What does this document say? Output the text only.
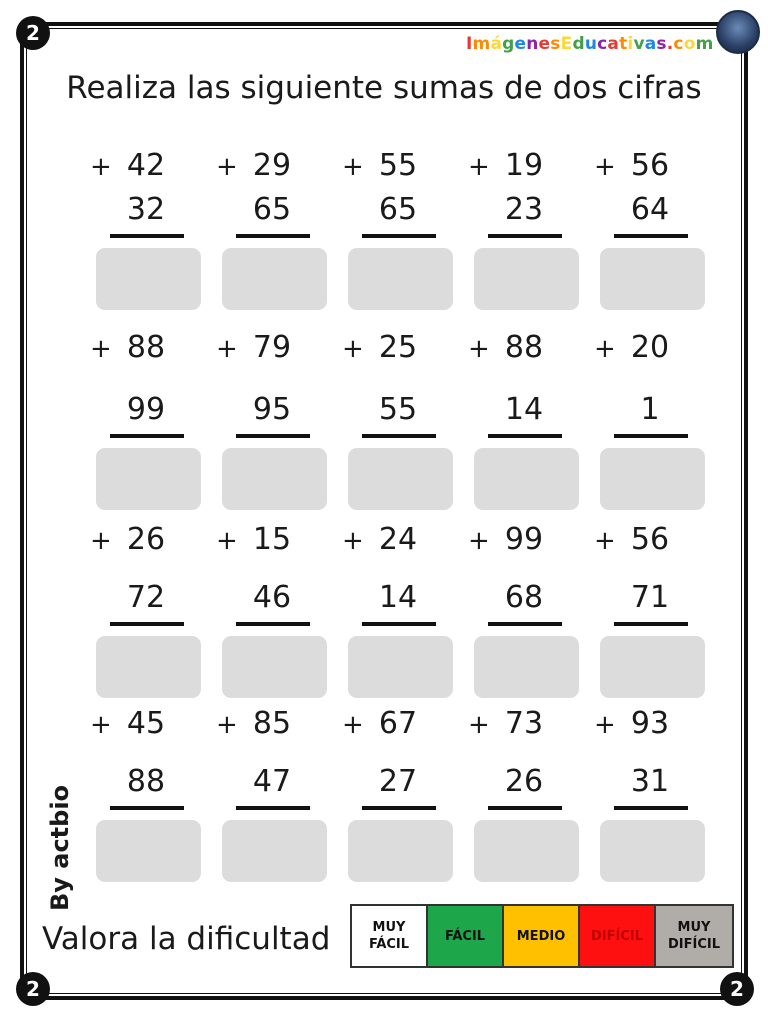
2
2	2
ImágenesEducativas.com
Realiza las siguiente sumas de dos cifras
+ 42
32
+ 29
65
+ 55
65
+ 19
23
+ 56
64
+ 88
99
+ 79
95
+ 25
55
+ 88
14
+ 20
1
+ 26
72
+ 15
46
+ 24
14
+ 99
68
+ 56
71
+ 45
88
+ 85
47
+ 67
27
+ 73
26
+ 93
31
By actbio
Valora la dificultad	MUY
FÁCIL
FÁCIL MEDIO DIFÍCIL
MUY
DIFÍCIL
